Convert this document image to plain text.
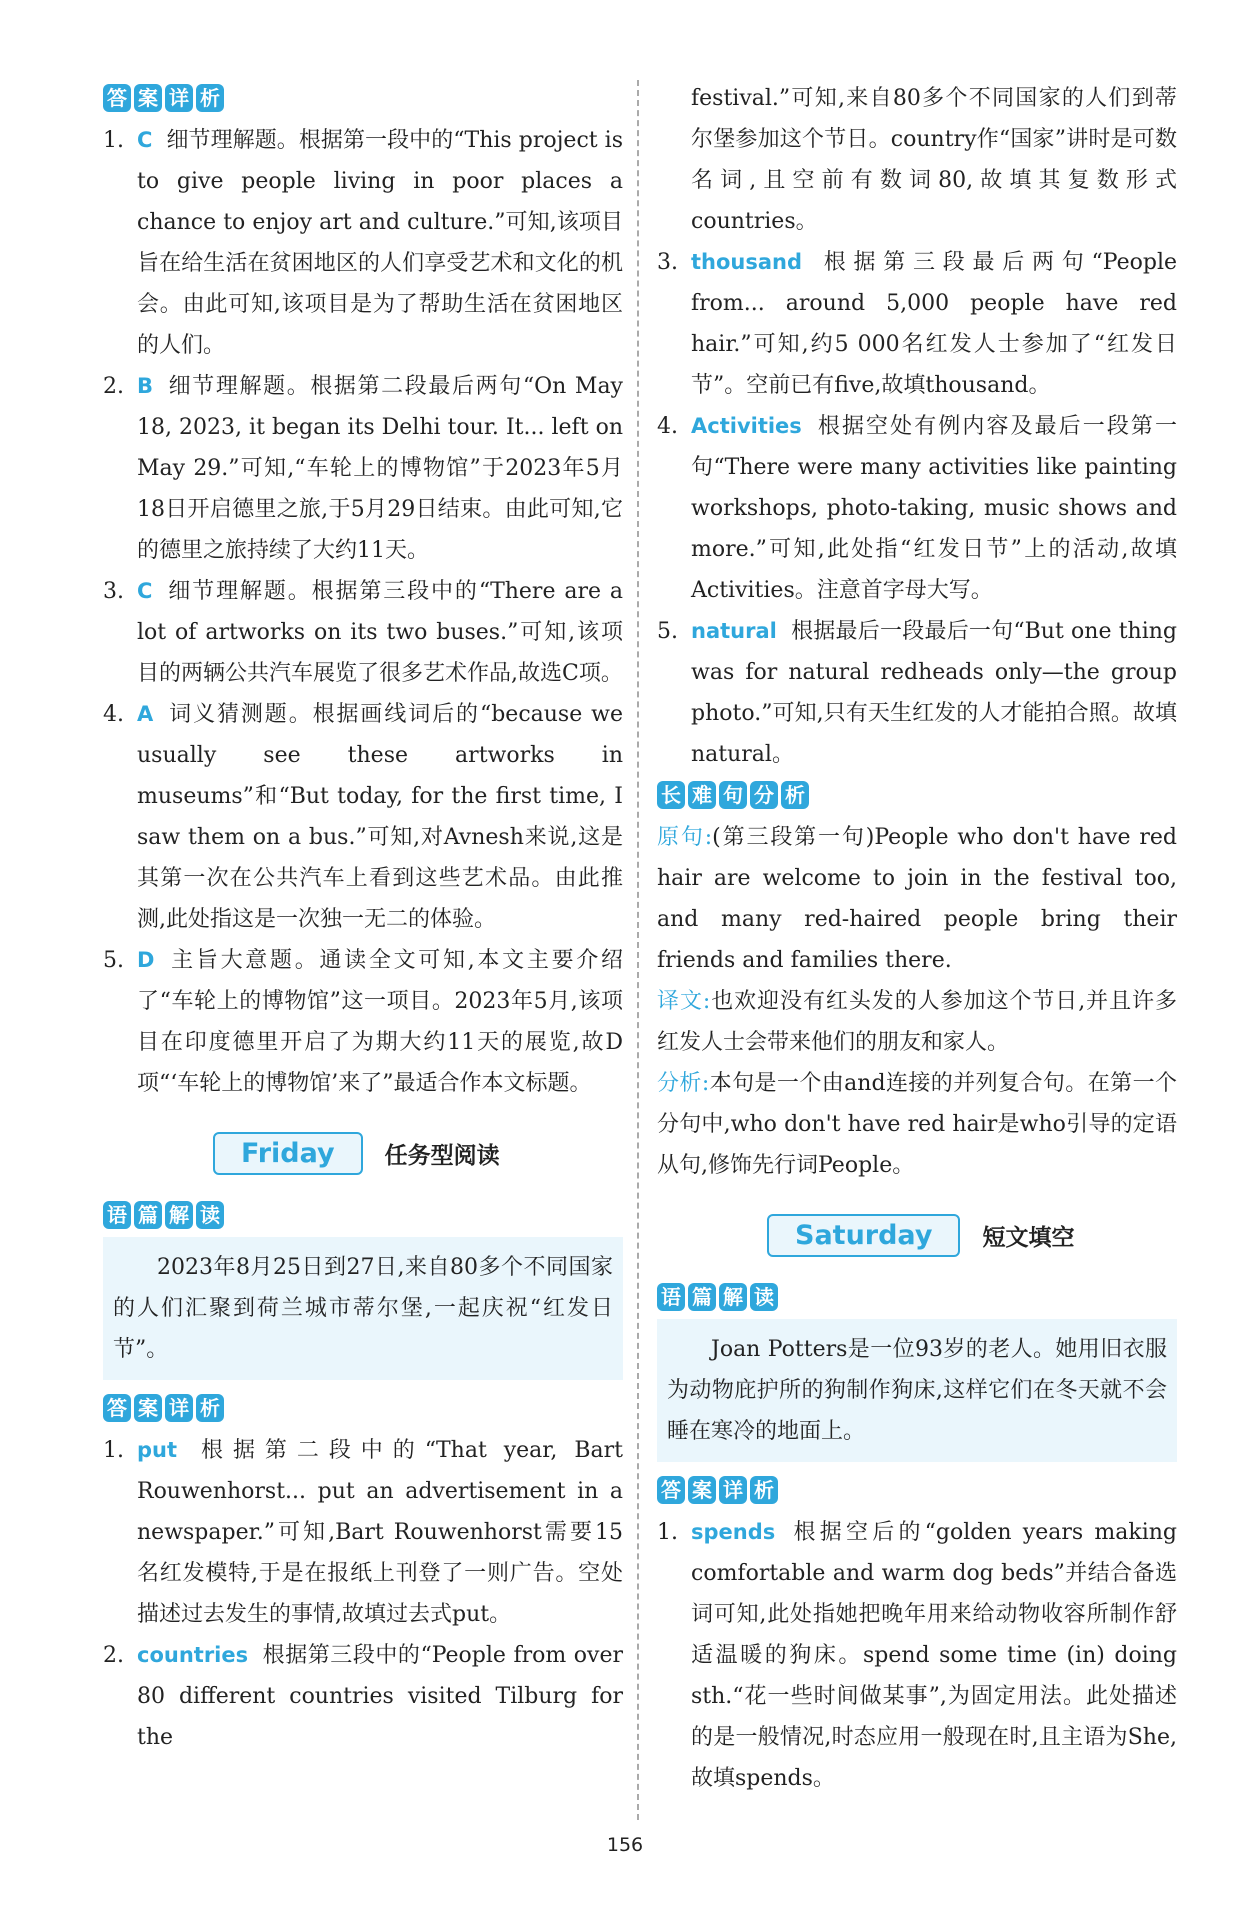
答 案 详 析
1. C 细节理解题。根据第一段中的“This project is to give people living in poor places a chance to enjoy art and culture.”可知,该项目旨在给生活在贫困地区的人们享受艺术和文化的机会。由此可知,该项目是为了帮助生活在贫困地区的人们。
2. B 细节理解题。根据第二段最后两句“On May 18, 2023, it began its Delhi tour. It... left on May 29.”可知,“车轮上的博物馆”于2023年5月18日开启德里之旅,于5月29日结束。由此可知,它的德里之旅持续了大约11天。
3. C 细节理解题。根据第三段中的“There are a lot of artworks on its two buses.”可知,该项目的两辆公共汽车展览了很多艺术作品,故选C项。
4. A 词义猜测题。根据画线词后的“because we usually see these artworks in museums”和“But today, for the first time, I saw them on a bus.”可知,对Avnesh来说,这是其第一次在公共汽车上看到这些艺术品。由此推测,此处指这是一次独一无二的体验。
5. D 主旨大意题。通读全文可知,本文主要介绍了“车轮上的博物馆”这一项目。2023年5月,该项目在印度德里开启了为期大约11天的展览,故D项“‘车轮上的博物馆’来了”最适合作本文标题。
Friday	任务型阅读
语 篇 解 读

2023年8月25日到27日,来自80多个不同国家的人们汇聚到荷兰城市蒂尔堡,一起庆祝“红发日节”。

答 案 详 析
1. put 根据第二段中的“That year, Bart Rouwenhorst... put an advertisement in a newspaper.”可知,Bart Rouwenhorst需要15名红发模特,于是在报纸上刊登了一则广告。空处描述过去发生的事情,故填过去式put。
2. countries 根据第三段中的“People from over 80 different countries visited Tilburg for the
festival.”可知,来自80多个不同国家的人们到蒂尔堡参加这个节日。country作“国家”讲时是可数名词,且空前有数词80,故填其复数形式countries。
3. thousand 根据第三段最后两句“People from... around 5,000 people have red hair.”可知,约5 000名红发人士参加了“红发日节”。空前已有five,故填thousand。
4. Activities 根据空处有例内容及最后一段第一句“There were many activities like painting workshops, photo-taking, music shows and more.”可知,此处指“红发日节”上的活动,故填Activities。注意首字母大写。
5. natural 根据最后一段最后一句“But one thing was for natural redheads only—the group photo.”可知,只有天生红发的人才能拍合照。故填natural。
长 难 句 分 析

原句:(第三段第一句)People who don't have red hair are welcome to join in the festival too, and many red-haired people bring their friends and families there.

译文:也欢迎没有红头发的人参加这个节日,并且许多红发人士会带来他们的朋友和家人。

分析:本句是一个由and连接的并列复合句。在第一个分句中,who don't have red hair是who引导的定语从句,修饰先行词People。

Saturday	短文填空
语 篇 解 读

Joan Potters是一位93岁的老人。她用旧衣服为动物庇护所的狗制作狗床,这样它们在冬天就不会睡在寒冷的地面上。

答 案 详 析
1. spends 根据空后的“golden years making comfortable and warm dog beds”并结合备选词可知,此处指她把晚年用来给动物收容所制作舒适温暖的狗床。spend some time (in) doing sth.“花一些时间做某事”,为固定用法。此处描述的是一般情况,时态应用一般现在时,且主语为She,故填spends。
156
